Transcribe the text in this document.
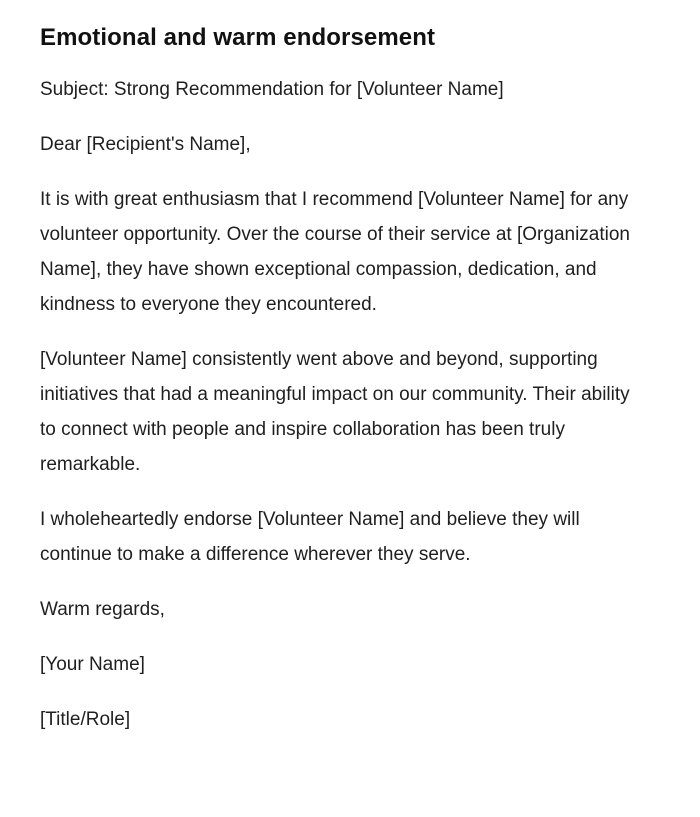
Emotional and warm endorsement

Subject: Strong Recommendation for [Volunteer Name]

Dear [Recipient's Name],

It is with great enthusiasm that I recommend [Volunteer Name] for any volunteer opportunity. Over the course of their service at [Organization Name], they have shown exceptional compassion, dedication, and kindness to everyone they encountered.

[Volunteer Name] consistently went above and beyond, supporting initiatives that had a meaningful impact on our community. Their ability to connect with people and inspire collaboration has been truly remarkable.

I wholeheartedly endorse [Volunteer Name] and believe they will continue to make a difference wherever they serve.

Warm regards,

[Your Name]

[Title/Role]
